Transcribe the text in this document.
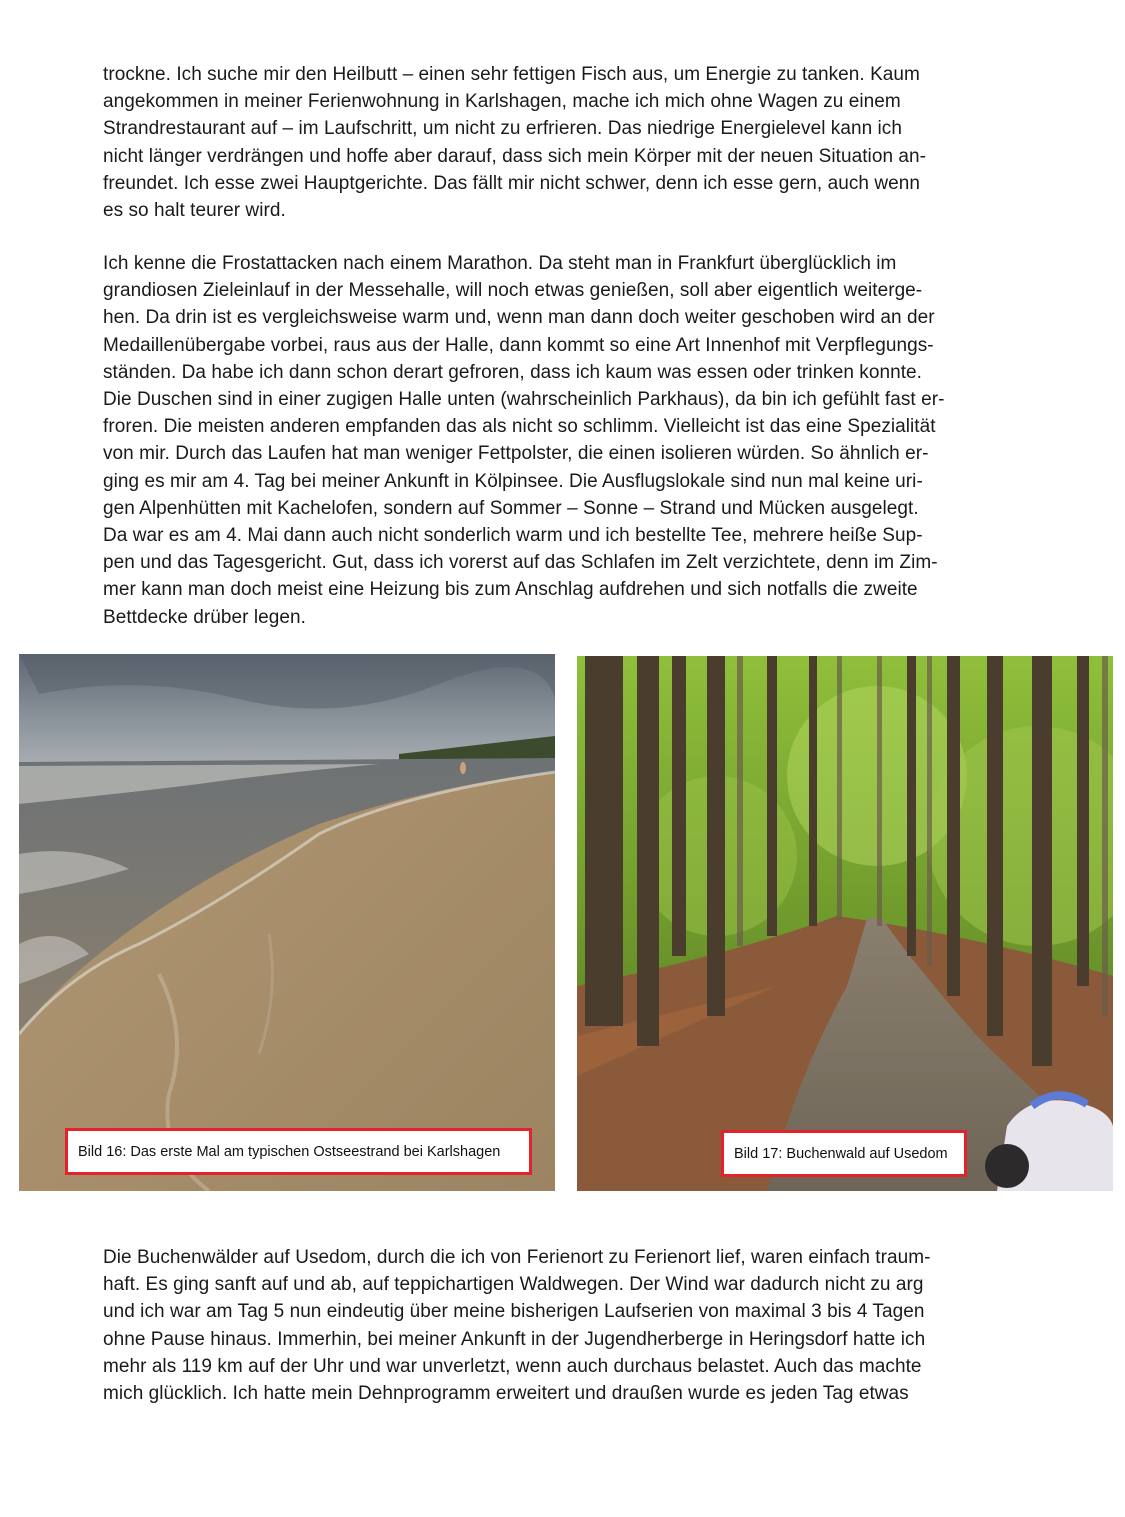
trockne. Ich suche mir den Heilbutt – einen sehr fettigen Fisch aus, um Energie zu tanken. Kaum

angekommen in meiner Ferienwohnung in Karlshagen, mache ich mich ohne Wagen zu einem

Strandrestaurant auf – im Laufschritt, um nicht zu erfrieren. Das niedrige Energielevel kann ich

nicht länger verdrängen und hoffe aber darauf, dass sich mein Körper mit der neuen Situation an-

freundet. Ich esse zwei Hauptgerichte. Das fällt mir nicht schwer, denn ich esse gern, auch wenn

es so halt teurer wird.

Ich kenne die Frostattacken nach einem Marathon. Da steht man in Frankfurt überglücklich im

grandiosen Zieleinlauf in der Messehalle, will noch etwas genießen, soll aber eigentlich weiterge-

hen. Da drin ist es vergleichsweise warm und, wenn man dann doch weiter geschoben wird an der

Medaillenübergabe vorbei, raus aus der Halle, dann kommt so eine Art Innenhof mit Verpflegungs-

ständen. Da habe ich dann schon derart gefroren, dass ich kaum was essen oder trinken konnte.

Die Duschen sind in einer zugigen Halle unten (wahrscheinlich Parkhaus), da bin ich gefühlt fast er-

froren. Die meisten anderen empfanden das als nicht so schlimm. Vielleicht ist das eine Spezialität

von mir. Durch das Laufen hat man weniger Fettpolster, die einen isolieren würden. So ähnlich er-

ging es mir am 4. Tag bei meiner Ankunft in Kölpinsee. Die Ausflugslokale sind nun mal keine uri-

gen Alpenhütten mit Kachelofen, sondern auf Sommer – Sonne – Strand und Mücken ausgelegt.

Da war es am 4. Mai dann auch nicht sonderlich warm und ich bestellte Tee, mehrere heiße Sup-

pen und das Tagesgericht. Gut, dass ich vorerst auf das Schlafen im Zelt verzichtete, denn im Zim-

mer kann man doch meist eine Heizung bis zum Anschlag aufdrehen und sich notfalls die zweite

Bettdecke drüber legen.

Bild 16: Das erste Mal am typischen Ostseestrand bei Karlshagen	Bild 17: Buchenwald auf Usedom

Die Buchenwälder auf Usedom, durch die ich von Ferienort zu Ferienort lief, waren einfach traum-

haft. Es ging sanft auf und ab, auf teppichartigen Waldwegen. Der Wind war dadurch nicht zu arg

und ich war am Tag 5 nun eindeutig über meine bisherigen Laufserien von maximal 3 bis 4 Tagen

ohne Pause hinaus. Immerhin, bei meiner Ankunft in der Jugendherberge in Heringsdorf hatte ich

mehr als 119 km auf der Uhr und war unverletzt, wenn auch durchaus belastet. Auch das machte

mich glücklich. Ich hatte mein Dehnprogramm erweitert und draußen wurde es jeden Tag etwas
